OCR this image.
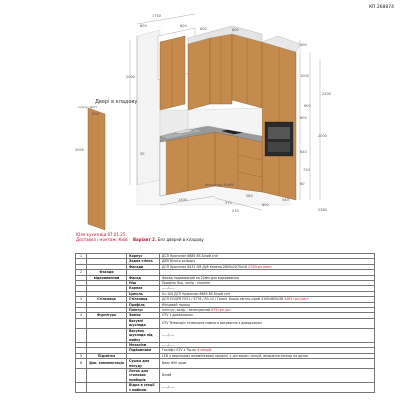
КП 268874
Двері в кладову
корпус ДСП
800
2000
1750
600	600
2000
800	800
400
1000
600
2000
600
840
60
720
2400
1300
570
280
800
540
Фільонка 30x60
30
210	2380
Юля кухня від 07.01.25
Доставка і монтаж: Київ Варіант 2. Без дверей в кладову
1		Корпус	ДСП Кронспан 8685 BS Білий сніг
		Задня стінка	ДВП білого кольору
		Фасади	ДСП Кронспан 8431 SM Дуб Копено 2800х2070х18 2745грн./лист
2	Фасади		
	відкриванням	Фасад	Фасад подовжений на 20мм для відкривання
		Ніш	Профіль Ніш, колір - ніколен
		Карниз	-----/-----
		Цоколь	H=100 ДСП Кронспан 8685 BS Білий сніг
3	Стільниця	Стільниця	ДСП EGGER F031 / ST76 / R3-10 / Граніт Кашіо світло-сірий 4100х600х38 5483 грн./лист
		Профіль	Кінцевий торець
		Плінтус	плінтус, колір - зеленуватий 879 грн./шт.
4	Фурнітура	Завіси	GTV з доводчиком
		Висувні шухляди	GTV Telescopic телескопи повного висування з доводчиком
		Висувна шухляда під мийку	-----/-----
		Механізм	-----/-----
		Підйомники	Газліфт GTV з Tip-on 9 секцій
5	Підсвітка		LED у верхньому алюмінієвому профілі, у дні верхн. секцій, вмикання сенсор на дотик
6	Доп. комплектація	Сушка для посуду	Nexy 600 хром
		Лоток для столових приборів	Білий
		Відра в секції з мийкою	-----/-----
